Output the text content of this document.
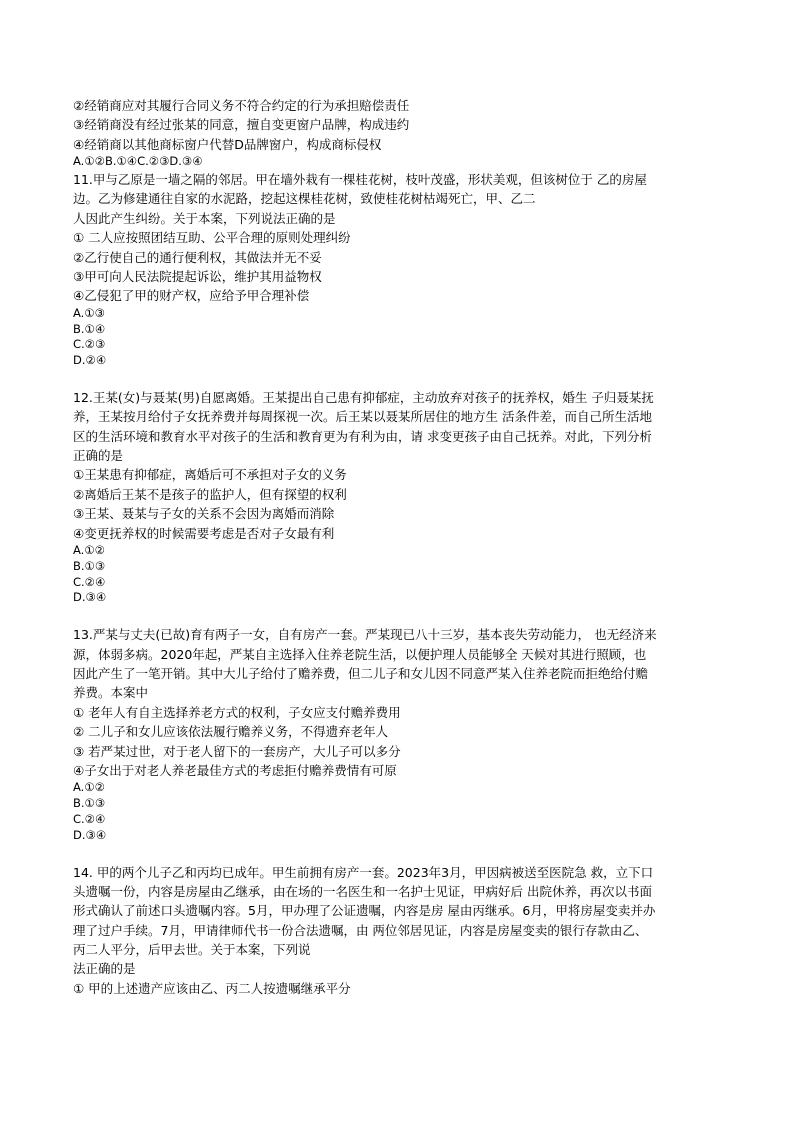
②经销商应对其履行合同义务不符合约定的行为承担赔偿责任
③经销商没有经过张某的同意，擅自变更窗户品牌，构成违约
④经销商以其他商标窗户代替D品牌窗户，构成商标侵权
A.①②B.①④C.②③D.③④
11.甲与乙原是一墙之隔的邻居。甲在墙外栽有一棵桂花树，枝叶茂盛，形状美观，但该树位于 乙的房屋
边。乙为修建通往自家的水泥路，挖起这棵桂花树，致使桂花树枯竭死亡，甲、乙二
人因此产生纠纷。关于本案，下列说法正确的是
① 二人应按照团结互助、公平合理的原则处理纠纷
②乙行使自己的通行便利权，其做法并无不妥
③甲可向人民法院提起诉讼，维护其用益物权
④乙侵犯了甲的财产权，应给予甲合理补偿
A.①③
B.①④
C.②③
D.②④
12.王某(女)与聂某(男)自愿离婚。王某提出自己患有抑郁症，主动放弃对孩子的抚养权，婚生 子归聂某抚
养，王某按月给付子女抚养费并每周探视一次。后王某以聂某所居住的地方生 活条件差，而自己所生活地
区的生活环境和教育水平对孩子的生活和教育更为有利为由，请 求变更孩子由自己抚养。对此，下列分析
正确的是
①王某患有抑郁症，离婚后可不承担对子女的义务
②离婚后王某不是孩子的监护人，但有探望的权利
③王某、聂某与子女的关系不会因为离婚而消除
④变更抚养权的时候需要考虑是否对子女最有利
A.①②
B.①③
C.②④
D.③④
13.严某与丈夫(已故)育有两子一女，自有房产一套。严某现已八十三岁，基本丧失劳动能力， 也无经济来
源，体弱多病。2020年起，严某自主选择入住养老院生活，以便护理人员能够全 天候对其进行照顾，也
因此产生了一笔开销。其中大儿子给付了赡养费，但二儿子和女儿因不同意严某入住养老院而拒绝给付赡
养费。本案中
① 老年人有自主选择养老方式的权利，子女应支付赡养费用
② 二儿子和女儿应该依法履行赡养义务，不得遗弃老年人
③ 若严某过世，对于老人留下的一套房产，大儿子可以多分
④子女出于对老人养老最佳方式的考虑拒付赡养费情有可原
A.①②
B.①③
C.②④
D.③④
14. 甲的两个儿子乙和丙均已成年。甲生前拥有房产一套。2023年3月，甲因病被送至医院急 救，立下口
头遗嘱一份，内容是房屋由乙继承，由在场的一名医生和一名护士见证，甲病好后 出院休养，再次以书面
形式确认了前述口头遗嘱内容。5月，甲办理了公证遗嘱，内容是房 屋由丙继承。6月，甲将房屋变卖并办
理了过户手续。7月，甲请律师代书一份合法遗嘱，由 两位邻居见证，内容是房屋变卖的银行存款由乙、
丙二人平分，后甲去世。关于本案，下列说
法正确的是
① 甲的上述遗产应该由乙、丙二人按遗嘱继承平分
